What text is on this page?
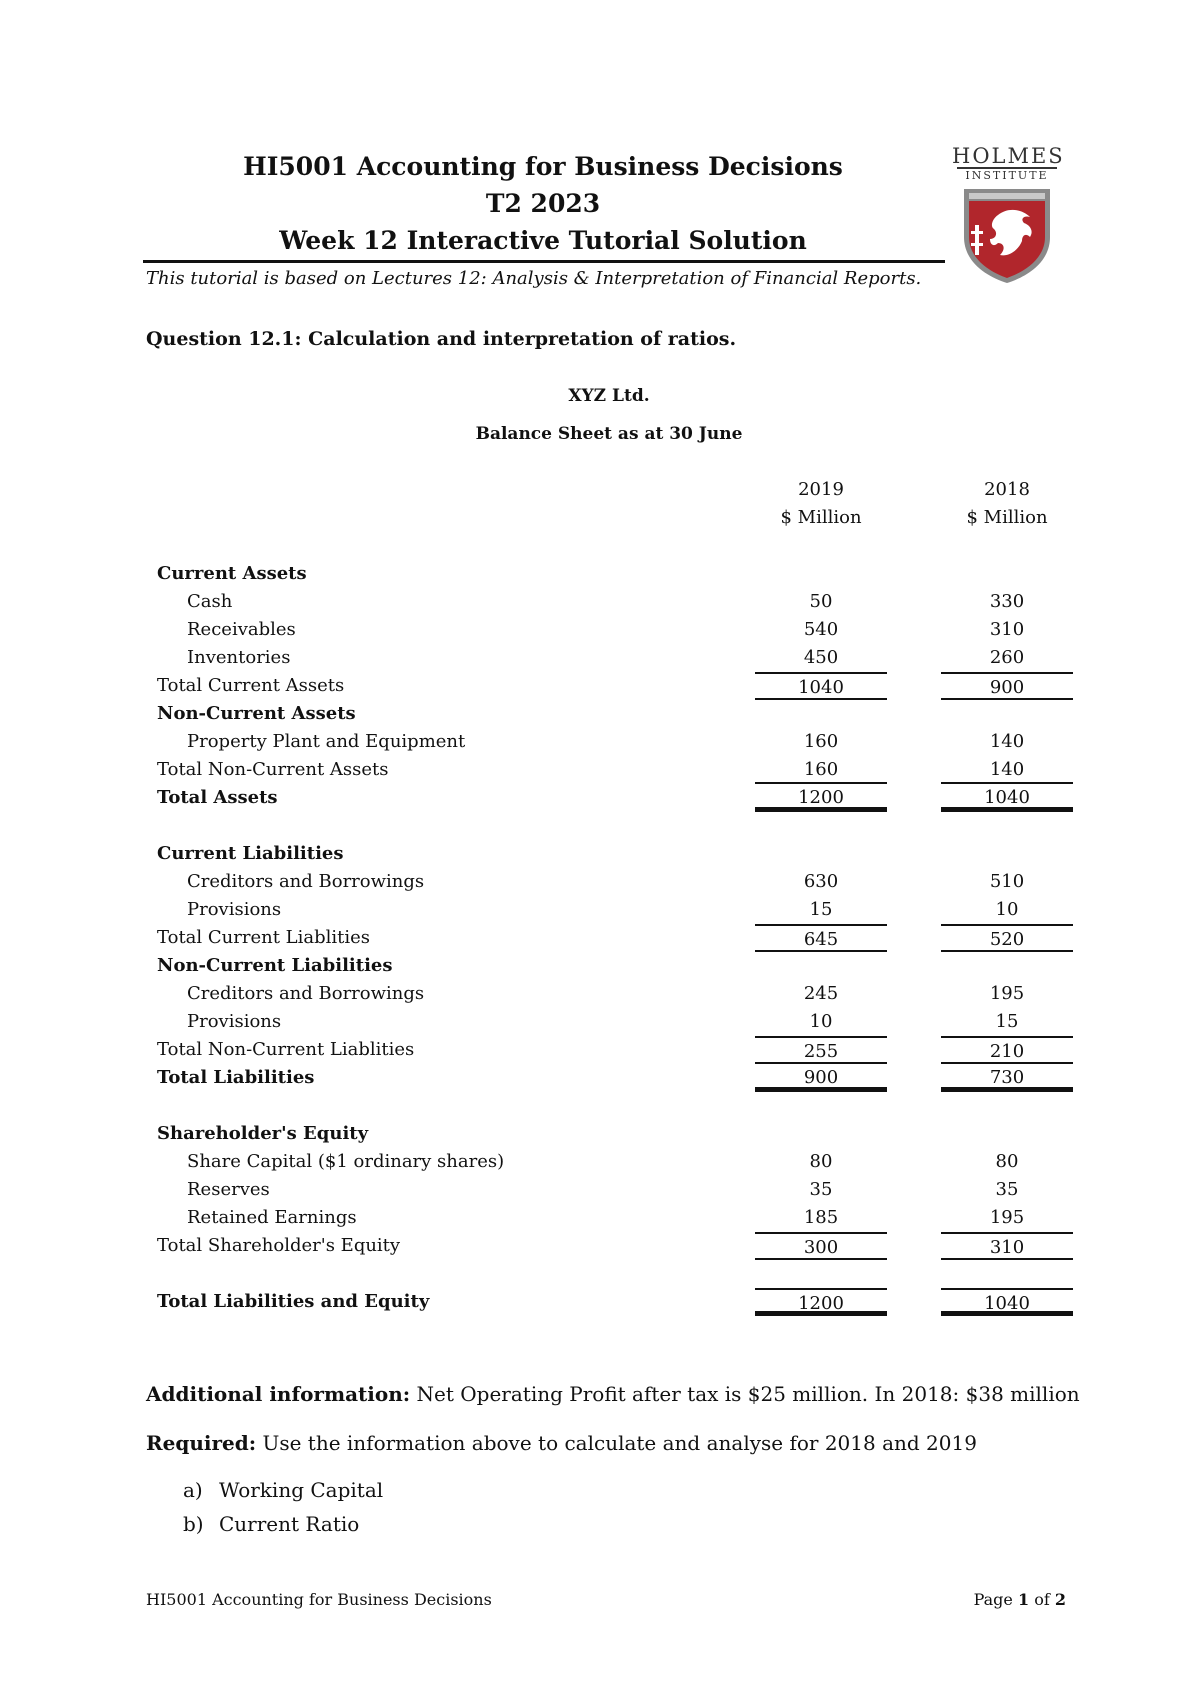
HI5001 Accounting for Business Decisions
T2 2023
Week 12 Interactive Tutorial Solution
This tutorial is based on Lectures 12: Analysis & Interpretation of Financial Reports.
HOLMES
INSTITUTE
Question 12.1: Calculation and interpretation of ratios.
XYZ Ltd.
Balance Sheet as at 30 June
2019	2018
$ Million	$ Million
Current Assets
Cash	50	330
Receivables	540	310
Inventories	450	260
Total Current Assets	1040	900
Non-Current Assets
Property Plant and Equipment	160	140
Total Non-Current Assets	160	140
Total Assets	1200	1040
Current Liabilities
Creditors and Borrowings	630	510
Provisions	15	10
Total Current Liablities	645	520
Non-Current Liabilities
Creditors and Borrowings	245	195
Provisions	10	15
Total Non-Current Liablities	255	210
Total Liabilities	900	730
Shareholder's Equity
Share Capital ($1 ordinary shares)	80	80
Reserves	35	35
Retained Earnings	185	195
Total Shareholder's Equity	300	310
Total Liabilities and Equity	1200	1040
Additional information: Net Operating Profit after tax is $25 million. In 2018: $38 million
Required: Use the information above to calculate and analyse for 2018 and 2019
a) Working Capital
b) Current Ratio
HI5001 Accounting for Business Decisions	Page 1 of 2
